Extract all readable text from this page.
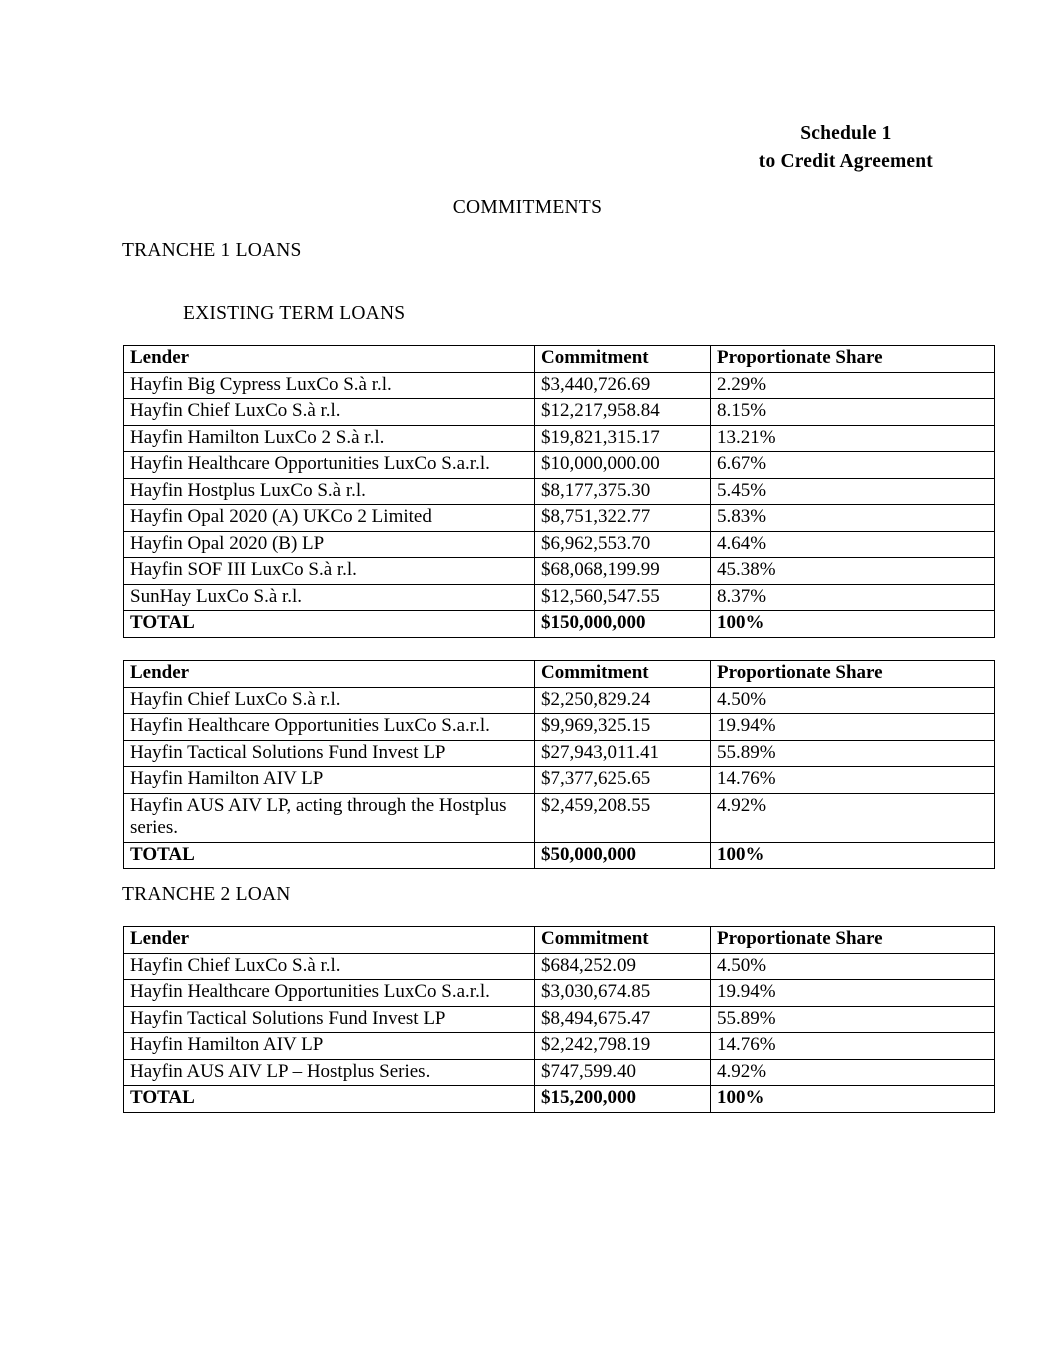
Schedule 1
to Credit Agreement
COMMITMENTS
TRANCHE 1 LOANS
EXISTING TERM LOANS
TRANCHE 2 LOAN
Lender	Commitment	Proportionate Share
Hayfin Big Cypress LuxCo S.à r.l.	$3,440,726.69	2.29%
Hayfin Chief LuxCo S.à r.l.	$12,217,958.84	8.15%
Hayfin Hamilton LuxCo 2 S.à r.l.	$19,821,315.17	13.21%
Hayfin Healthcare Opportunities LuxCo S.a.r.l.	$10,000,000.00	6.67%
Hayfin Hostplus LuxCo S.à r.l.	$8,177,375.30	5.45%
Hayfin Opal 2020 (A) UKCo 2 Limited	$8,751,322.77	5.83%
Hayfin Opal 2020 (B) LP	$6,962,553.70	4.64%
Hayfin SOF III LuxCo S.à r.l.	$68,068,199.99	45.38%
SunHay LuxCo S.à r.l.	$12,560,547.55	8.37%
TOTAL	$150,000,000	100%
Lender	Commitment	Proportionate Share
Hayfin Chief LuxCo S.à r.l.	$2,250,829.24	4.50%
Hayfin Healthcare Opportunities LuxCo S.a.r.l.	$9,969,325.15	19.94%
Hayfin Tactical Solutions Fund Invest LP	$27,943,011.41	55.89%
Hayfin Hamilton AIV LP	$7,377,625.65	14.76%
Hayfin AUS AIV LP, acting through the Hostplus series.	$2,459,208.55	4.92%
TOTAL	$50,000,000	100%
Lender	Commitment	Proportionate Share
Hayfin Chief LuxCo S.à r.l.	$684,252.09	4.50%
Hayfin Healthcare Opportunities LuxCo S.a.r.l.	$3,030,674.85	19.94%
Hayfin Tactical Solutions Fund Invest LP	$8,494,675.47	55.89%
Hayfin Hamilton AIV LP	$2,242,798.19	14.76%
Hayfin AUS AIV LP – Hostplus Series.	$747,599.40	4.92%
TOTAL	$15,200,000	100%
